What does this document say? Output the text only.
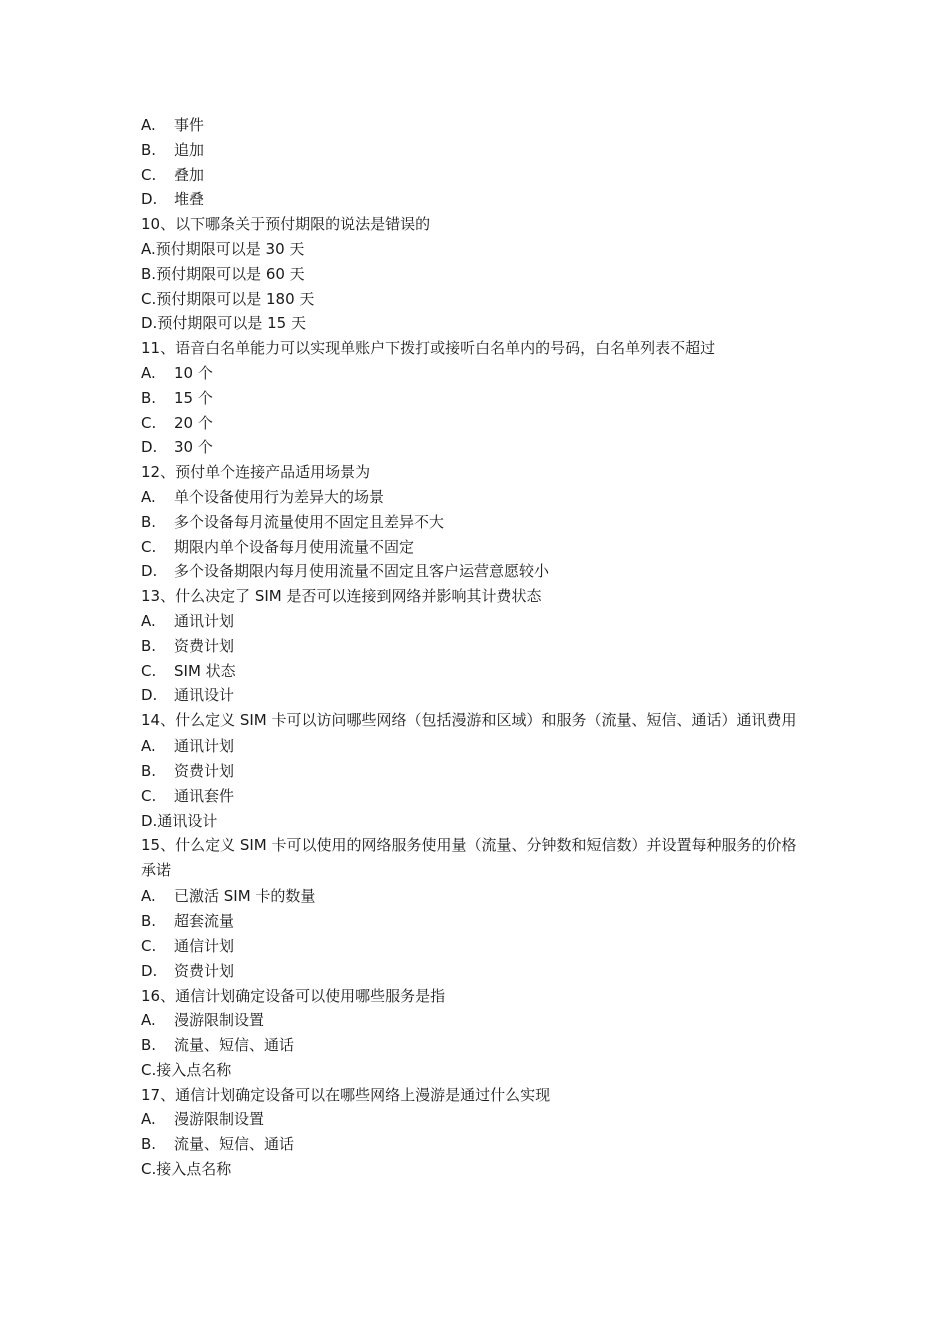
A. 事件
B. 追加
C. 叠加
D. 堆叠
10、以下哪条关于预付期限的说法是错误的
A.预付期限可以是 30 天
B.预付期限可以是 60 天
C.预付期限可以是 180 天
D.预付期限可以是 15 天
11、语音白名单能力可以实现单账户下拨打或接听白名单内的号码，白名单列表不超过
A. 10 个
B. 15 个
C. 20 个
D. 30 个
12、预付单个连接产品适用场景为
A. 单个设备使用行为差异大的场景
B. 多个设备每月流量使用不固定且差异不大
C. 期限内单个设备每月使用流量不固定
D. 多个设备期限内每月使用流量不固定且客户运营意愿较小
13、什么决定了 SIM 是否可以连接到网络并影响其计费状态
A. 通讯计划
B. 资费计划
C. SIM 状态
D. 通讯设计
14、什么定义 SIM 卡可以访问哪些网络（包括漫游和区域）和服务（流量、短信、通话）通讯费用
A. 通讯计划
B. 资费计划
C. 通讯套件
D.通讯设计
15、什么定义 SIM 卡可以使用的网络服务使用量（流量、分钟数和短信数）并设置每种服务的价格承诺
A. 已激活 SIM 卡的数量
B. 超套流量
C. 通信计划
D. 资费计划
16、通信计划确定设备可以使用哪些服务是指
A. 漫游限制设置
B. 流量、短信、通话
C.接入点名称
17、通信计划确定设备可以在哪些网络上漫游是通过什么实现
A. 漫游限制设置
B. 流量、短信、通话
C.接入点名称
